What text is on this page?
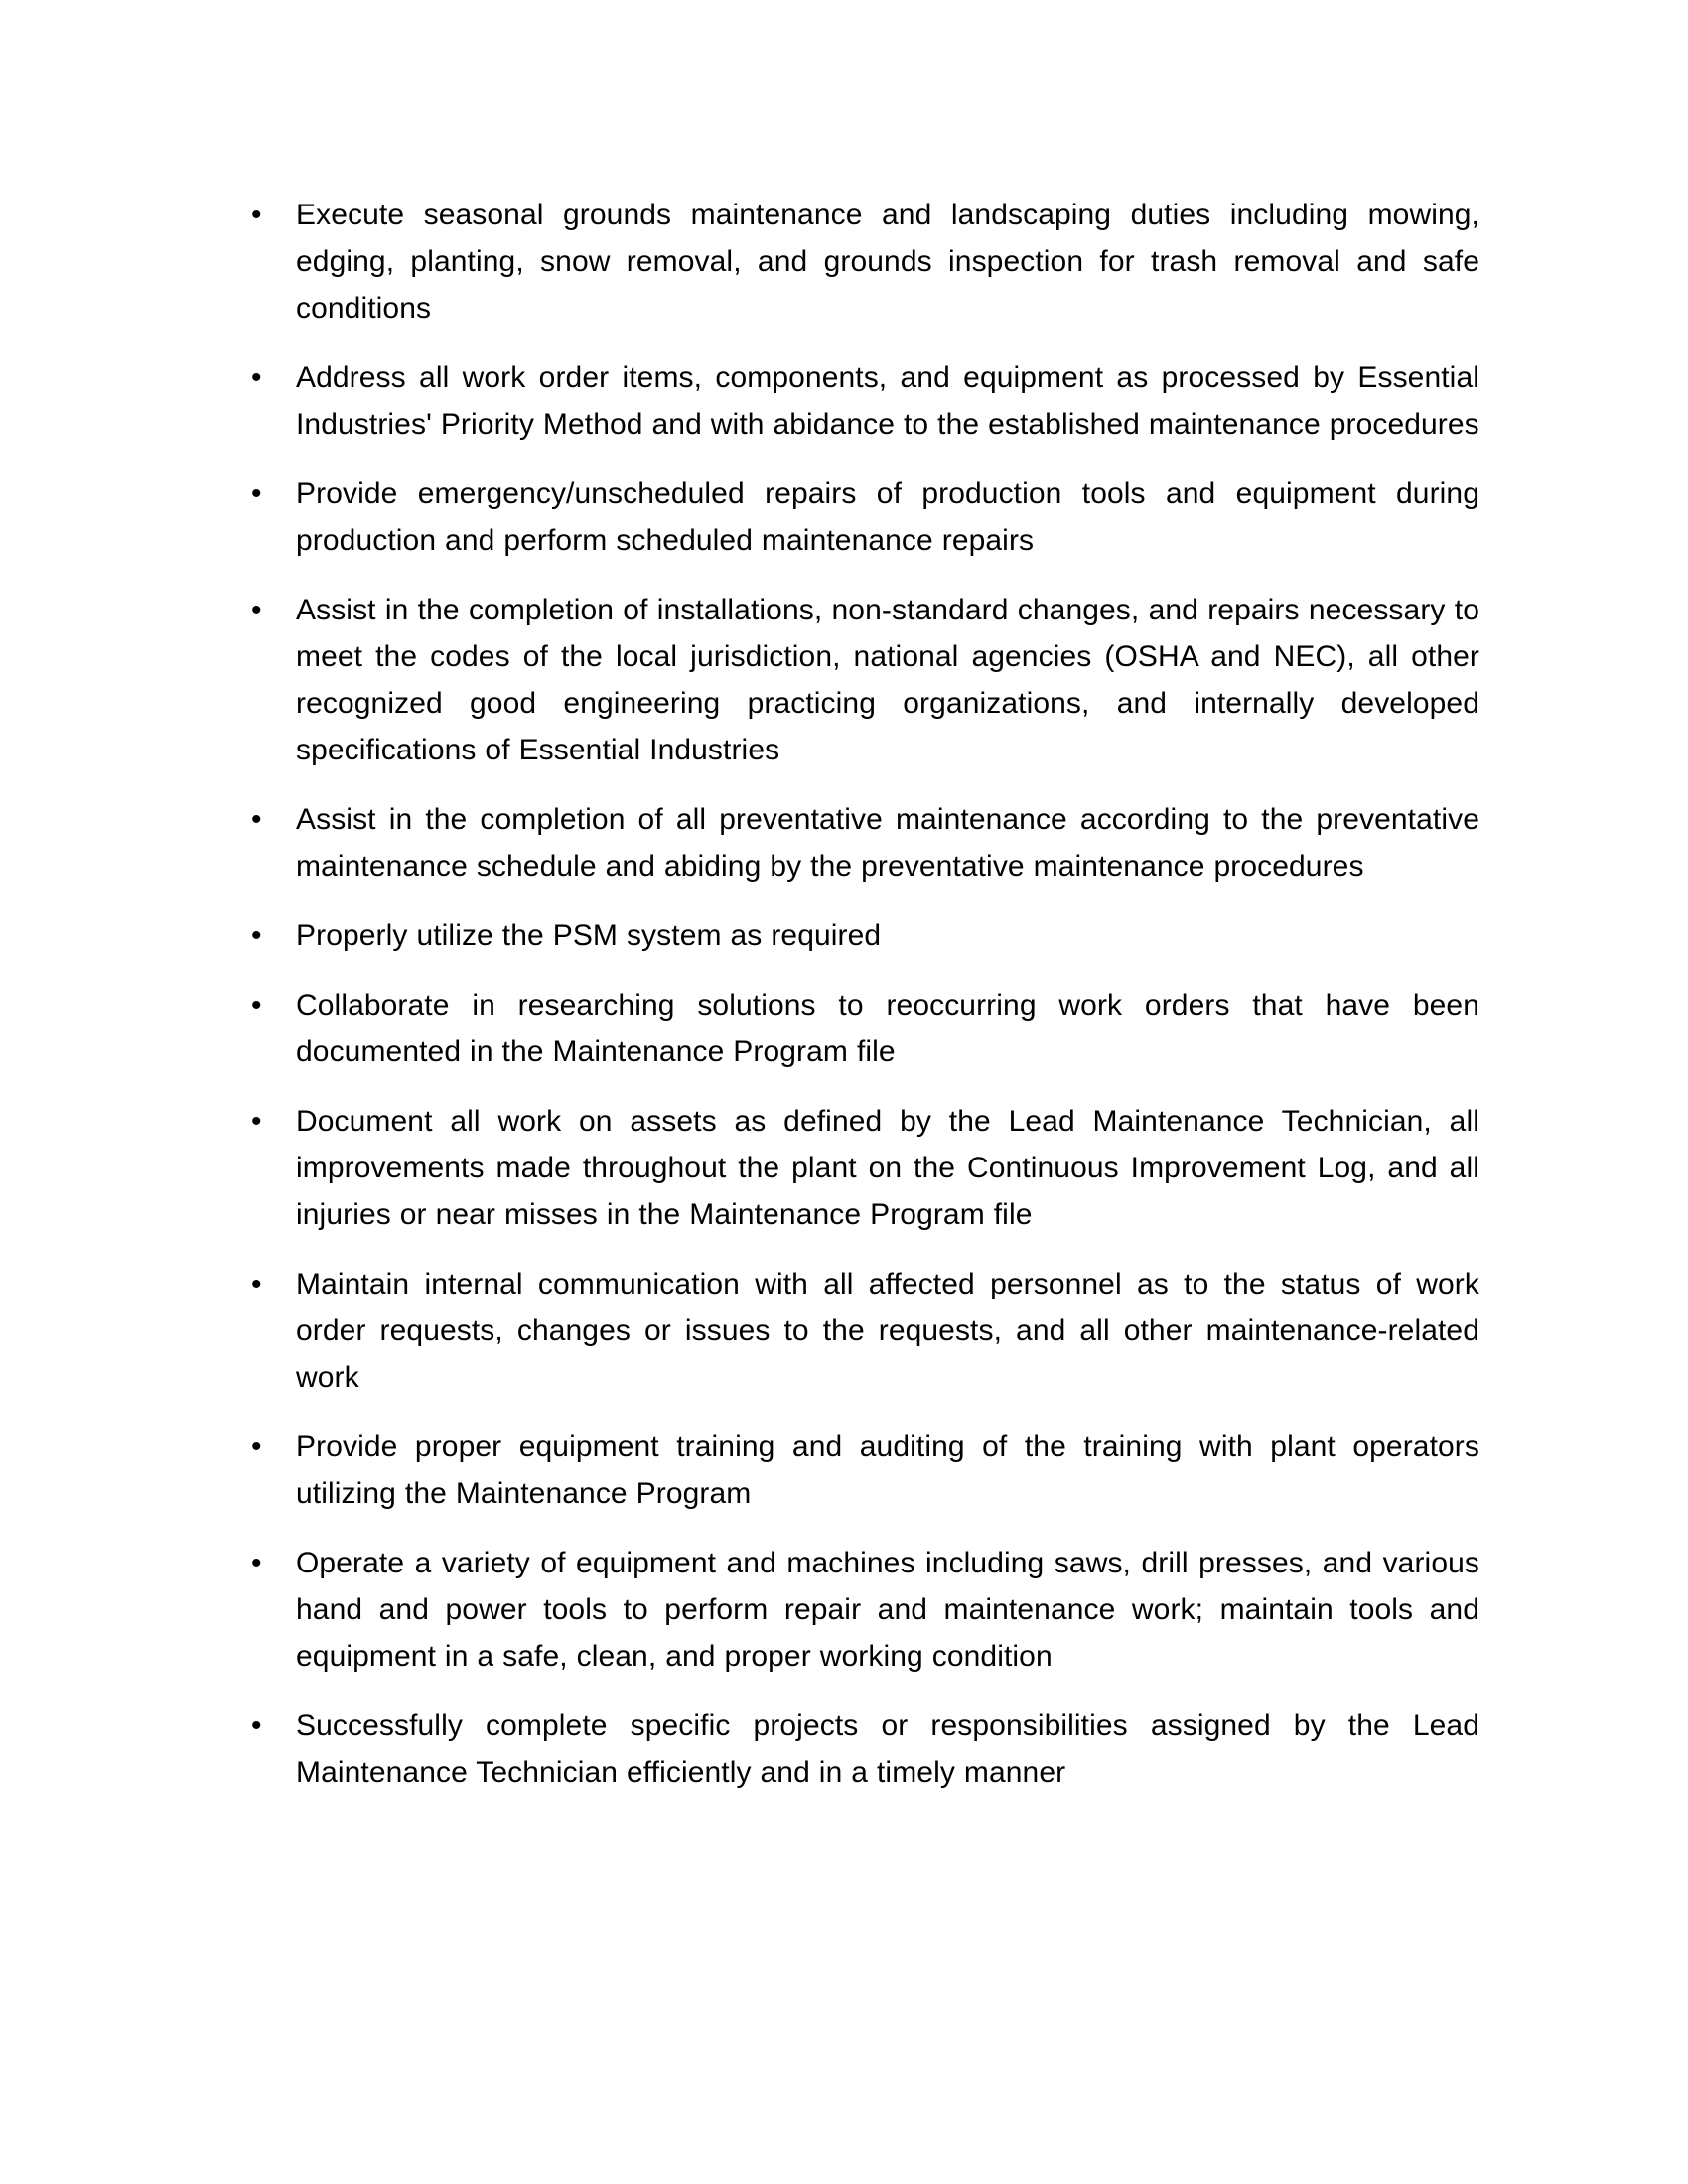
•	Execute seasonal grounds maintenance and landscaping duties including mowing, edging, planting, snow removal, and grounds inspection for trash removal and safe conditions
•	Address all work order items, components, and equipment as processed by Essential Industries' Priority Method and with abidance to the established maintenance procedures
•	Provide emergency/unscheduled repairs of production tools and equipment during production and perform scheduled maintenance repairs
•	Assist in the completion of installations, non-standard changes, and repairs necessary to meet the codes of the local jurisdiction, national agencies (OSHA and NEC), all other recognized good engineering practicing organizations, and internally developed specifications of Essential Industries
•	Assist in the completion of all preventative maintenance according to the preventative maintenance schedule and abiding by the preventative maintenance procedures
•	Properly utilize the PSM system as required
•	Collaborate in researching solutions to reoccurring work orders that have been documented in the Maintenance Program file
•	Document all work on assets as defined by the Lead Maintenance Technician, all improvements made throughout the plant on the Continuous Improvement Log, and all injuries or near misses in the Maintenance Program file
•	Maintain internal communication with all affected personnel as to the status of work order requests, changes or issues to the requests, and all other maintenance-related work
•	Provide proper equipment training and auditing of the training with plant operators utilizing the Maintenance Program
•	Operate a variety of equipment and machines including saws, drill presses, and various hand and power tools to perform repair and maintenance work; maintain tools and equipment in a safe, clean, and proper working condition
•	Successfully complete specific projects or responsibilities assigned by the Lead Maintenance Technician efficiently and in a timely manner
